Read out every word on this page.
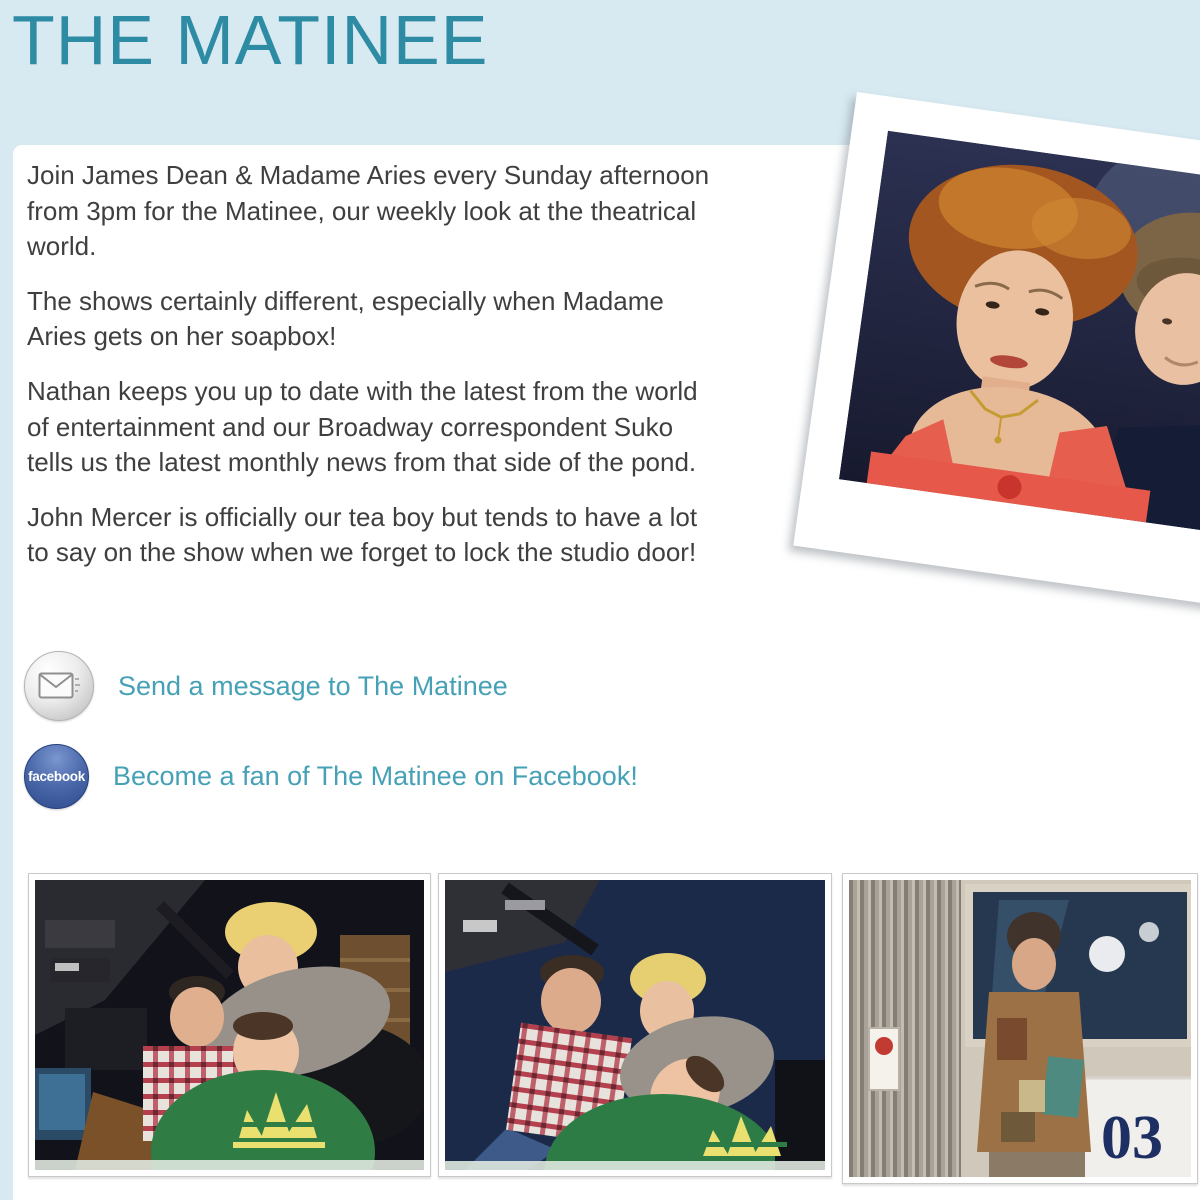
THE MATINEE

Join James Dean & Madame Aries every Sunday afternoon from 3pm for the Matinee, our weekly look at the theatrical world.

The shows certainly different, especially when Madame Aries gets on her soapbox!

Nathan keeps you up to date with the latest from the world of entertainment and our Broadway correspondent Suko tells us the latest monthly news from that side of the pond.

John Mercer is officially our tea boy but tends to have a lot to say on the show when we forget to lock the studio door!

Send a message to The Matinee
facebook Become a fan of The Matinee on Facebook!
03
